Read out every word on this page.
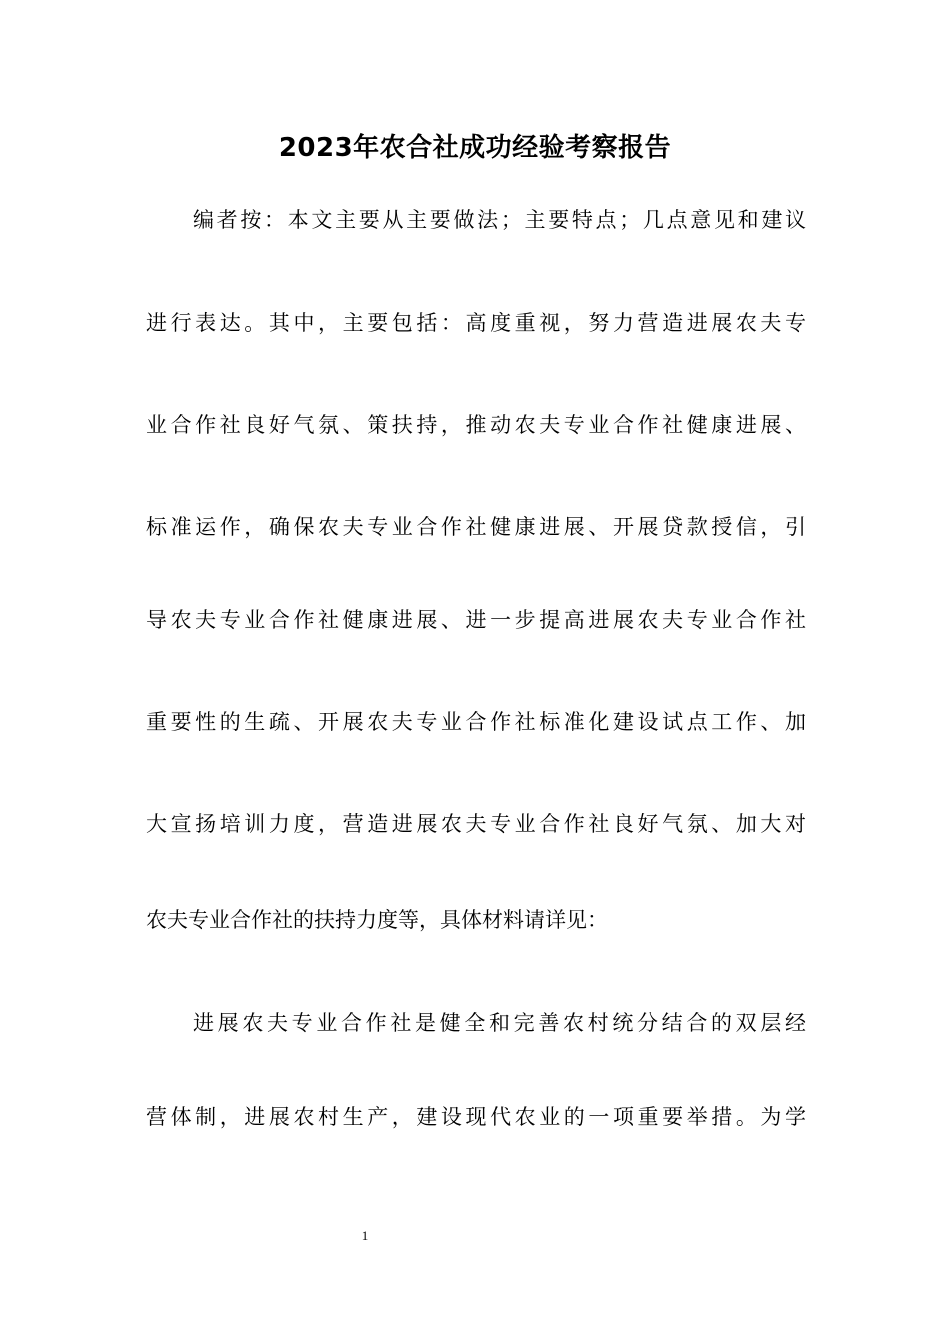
2023年农合社成功经验考察报告
编者按：本文主要从主要做法；主要特点；几点意见和建议
进行表达。其中，主要包括：高度重视，努力营造进展农夫专
业合作社良好气氛、策扶持，推动农夫专业合作社健康进展、
标准运作，确保农夫专业合作社健康进展、开展贷款授信，引
导农夫专业合作社健康进展、进一步提高进展农夫专业合作社
重要性的生疏、开展农夫专业合作社标准化建设试点工作、加
大宣扬培训力度，营造进展农夫专业合作社良好气氛、加大对
农夫专业合作社的扶持力度等，具体材料请详见：
进展农夫专业合作社是健全和完善农村统分结合的双层经
营体制，进展农村生产，建设现代农业的一项重要举措。为学
1
